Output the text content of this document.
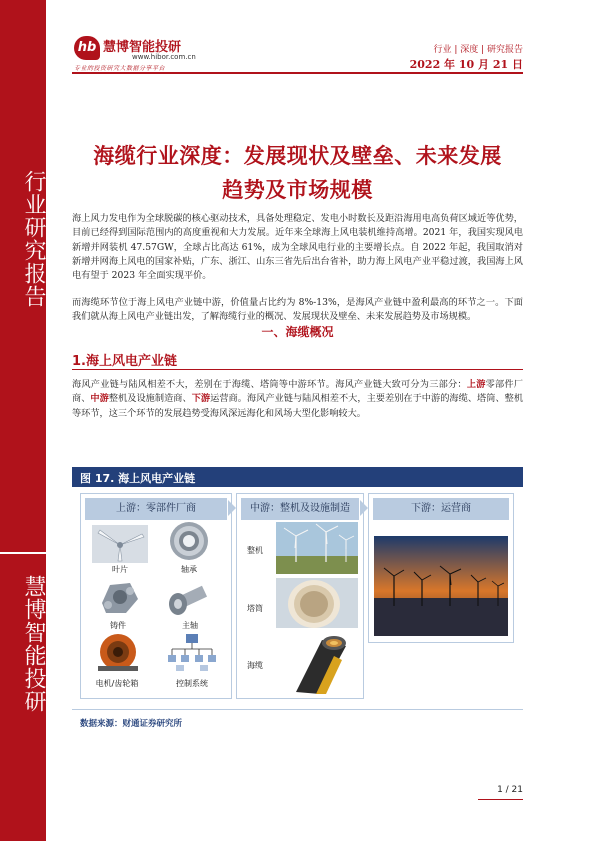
行业研究报告
慧博智能投研
hb 慧博智能投研
www.hibor.com.cn
专业的投资研究大数据分享平台
行业 | 深度 | 研究报告
2022 年 10 月 21 日
海缆行业深度：发展现状及壁垒、未来发展
趋势及市场规模
海上风力发电作为全球脱碳的核心驱动技术，具备处理稳定、发电小时数长及距沿海用电高负荷区域近等优势，目前已经得到国际范围内的高度重视和大力发展。近年来全球海上风电装机维持高增。2021 年，我国实现风电新增并网装机 47.57GW，全球占比高达 61%，成为全球风电行业的主要增长点。自 2022 年起，我国取消对新增并网海上风电的国家补贴，广东、浙江、山东三省先后出台省补，助力海上风电产业平稳过渡，我国海上风电有望于 2023 年全面实现平价。
而海缆环节位于海上风电产业链中游，价值量占比约为 8%-13%，是海风产业链中盈利最高的环节之一。下面我们就从海上风电产业链出发，了解海缆行业的概况、发展现状及壁垒、未来发展趋势及市场规模。
一、海缆概况
1.海上风电产业链
海风产业链与陆风相差不大，差别在于海缆、塔筒等中游环节。海风产业链大致可分为三部分：上游零部件厂商、中游整机及设施制造商、下游运营商。海风产业链与陆风相差不大，主要差别在于中游的海缆、塔筒、整机等环节，这三个环节的发展趋势受海风深远海化和风场大型化影响较大。
图 17. 海上风电产业链
上游：零部件厂商
叶片	轴承
铸件	主轴
电机/齿轮箱	控制系统
中游：整机及设施制造
整机
塔筒
海缆
下游：运营商
数据来源：财通证券研究所
1 / 21
